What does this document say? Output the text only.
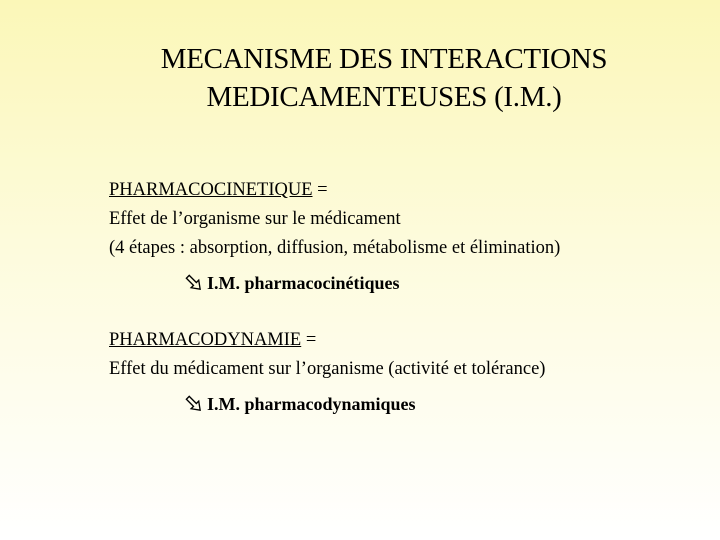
MECANISME DES INTERACTIONS
MEDICAMENTEUSES (I.M.)
PHARMACOCINETIQUE =
Effet de l’organisme sur le médicament
(4 étapes : absorption, diffusion, métabolisme et élimination)
I.M. pharmacocinétiques
PHARMACODYNAMIE =
Effet du médicament sur l’organisme (activité et tolérance)
I.M. pharmacodynamiques
